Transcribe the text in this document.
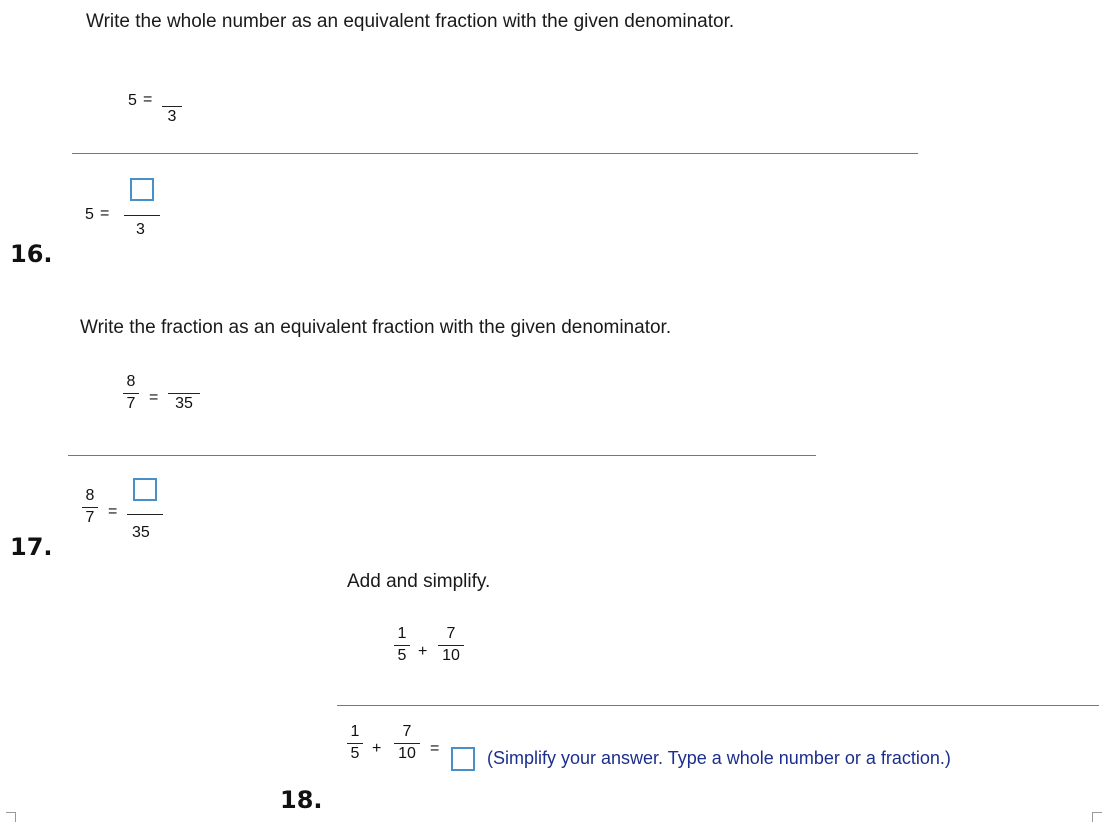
Write the whole number as an equivalent fraction with the given denominator.
5 =

3
5 =
3
16.
Write the fraction as an equivalent fraction with the given denominator.
8
7 =
35
8
7 =
35
17.
Add and simplify.
1
5 +
7
10
1
5 +
7
10 =	(Simplify your answer. Type a whole number or a fraction.)
18.
